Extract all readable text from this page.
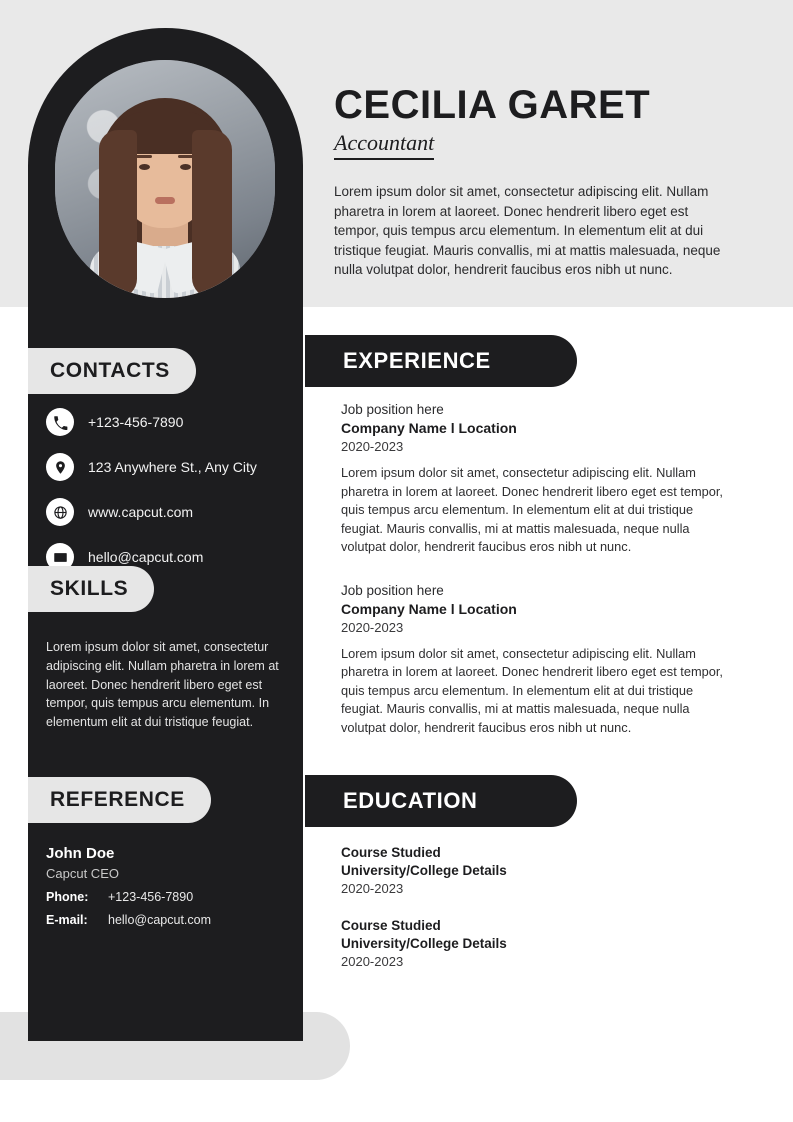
CECILIA GARET
Accountant

Lorem ipsum dolor sit amet, consectetur adipiscing elit. Nullam pharetra in lorem at laoreet. Donec hendrerit libero eget est tempor, quis tempus arcu elementum. In elementum elit at dui tristique feugiat. Mauris convallis, mi at mattis malesuada, neque nulla volutpat dolor, hendrerit faucibus eros nibh ut nunc.

CONTACTS
+123-456-7890
123 Anywhere St., Any City
www.capcut.com
hello@capcut.com
SKILLS
Lorem ipsum dolor sit amet, consectetur adipiscing elit. Nullam pharetra in lorem at laoreet. Donec hendrerit libero eget est tempor, quis tempus arcu elementum. In elementum elit at dui tristique feugiat.
REFERENCE
John Doe
Capcut CEO
Phone:	+123-456-7890
E-mail:	hello@capcut.com
EXPERIENCE
Job position here
Company Name l Location
2020-2023
Lorem ipsum dolor sit amet, consectetur adipiscing elit. Nullam pharetra in lorem at laoreet. Donec hendrerit libero eget est tempor, quis tempus arcu elementum. In elementum elit at dui tristique feugiat. Mauris convallis, mi at mattis malesuada, neque nulla volutpat dolor, hendrerit faucibus eros nibh ut nunc.
Job position here
Company Name l Location
2020-2023
Lorem ipsum dolor sit amet, consectetur adipiscing elit. Nullam pharetra in lorem at laoreet. Donec hendrerit libero eget est tempor, quis tempus arcu elementum. In elementum elit at dui tristique feugiat. Mauris convallis, mi at mattis malesuada, neque nulla volutpat dolor, hendrerit faucibus eros nibh ut nunc.
EDUCATION
Course Studied
University/College Details
2020-2023
Course Studied
University/College Details
2020-2023
